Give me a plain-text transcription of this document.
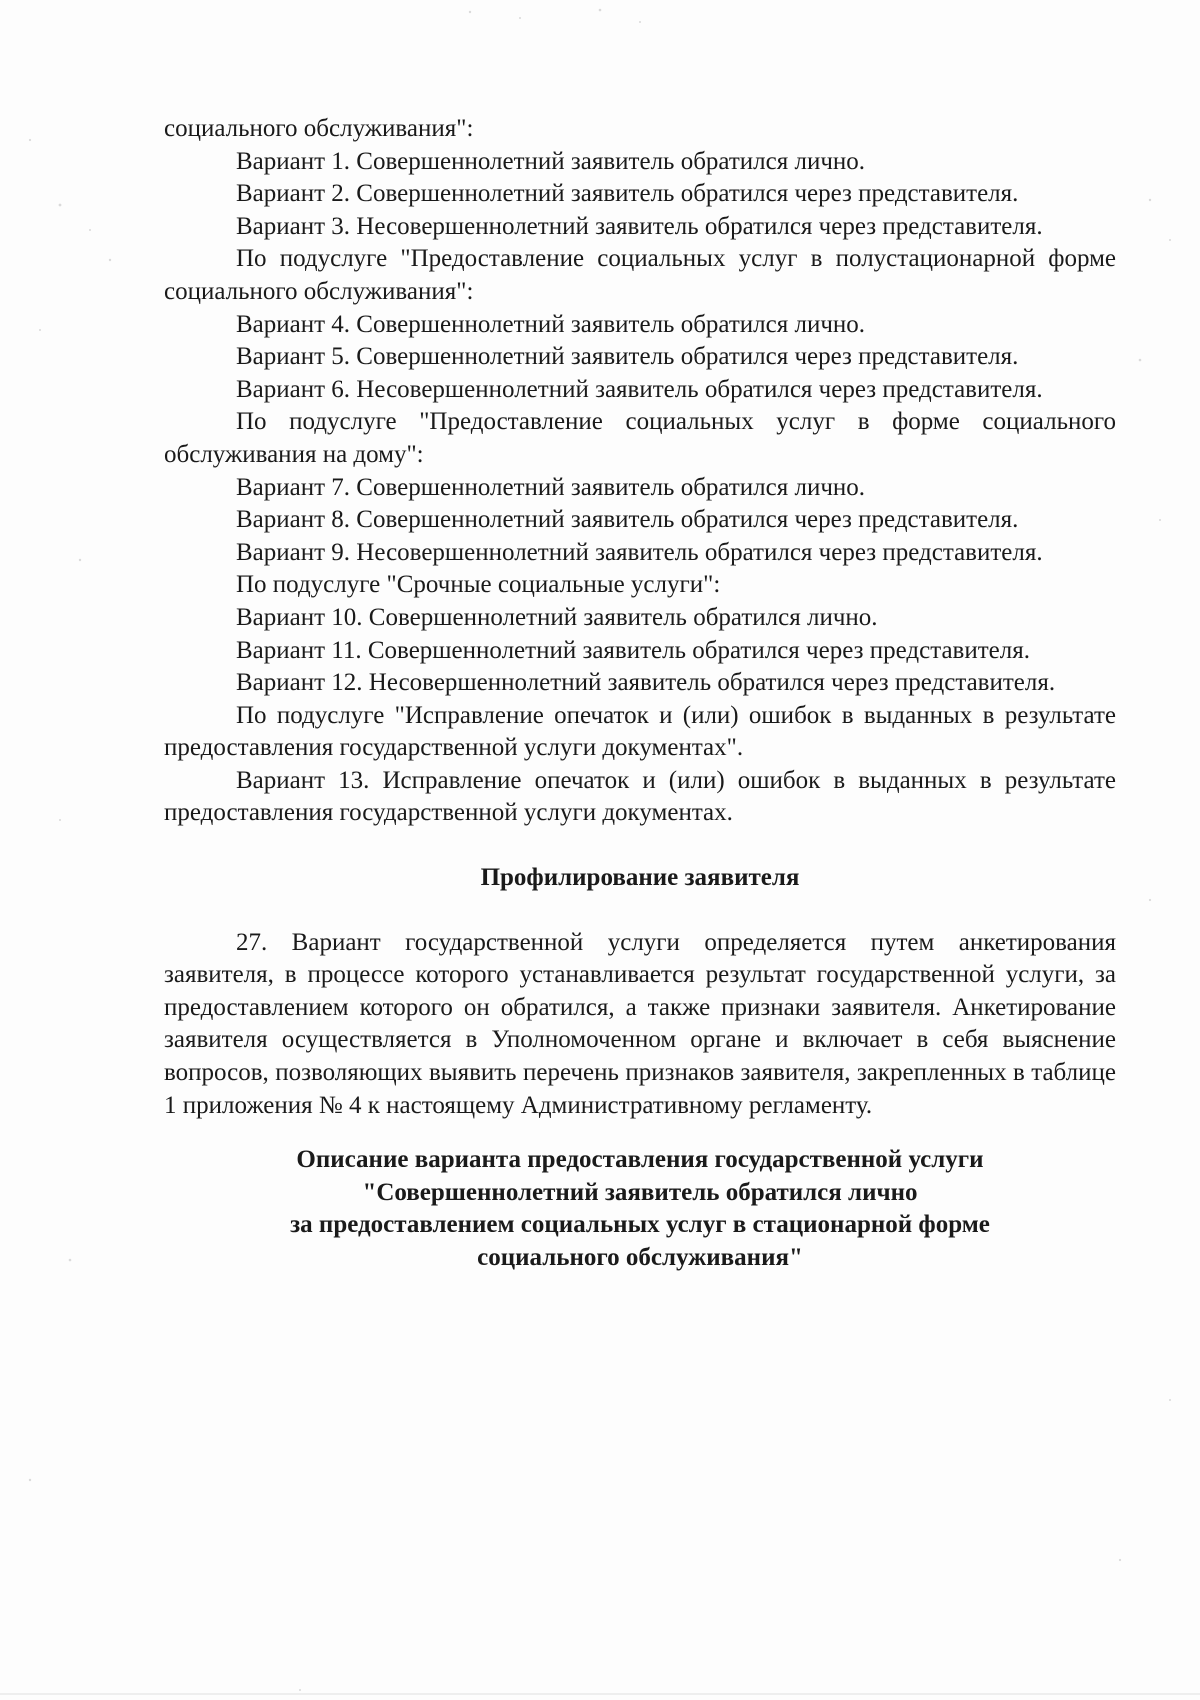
социального обслуживания":

Вариант 1. Совершеннолетний заявитель обратился лично.

Вариант 2. Совершеннолетний заявитель обратился через представителя.

Вариант 3. Несовершеннолетний заявитель обратился через представителя.

По подуслуге "Предоставление социальных услуг в полустационарной форме социального обслуживания":

Вариант 4. Совершеннолетний заявитель обратился лично.

Вариант 5. Совершеннолетний заявитель обратился через представителя.

Вариант 6. Несовершеннолетний заявитель обратился через представителя.

По подуслуге "Предоставление социальных услуг в форме социального обслуживания на дому":

Вариант 7. Совершеннолетний заявитель обратился лично.

Вариант 8. Совершеннолетний заявитель обратился через представителя.

Вариант 9. Несовершеннолетний заявитель обратился через представителя.

По подуслуге "Срочные социальные услуги":

Вариант 10. Совершеннолетний заявитель обратился лично.

Вариант 11. Совершеннолетний заявитель обратился через представителя.

Вариант 12. Несовершеннолетний заявитель обратился через представителя.

По подуслуге "Исправление опечаток и (или) ошибок в выданных в результате предоставления государственной услуги документах".

Вариант 13. Исправление опечаток и (или) ошибок в выданных в результате предоставления государственной услуги документах.

Профилирование заявителя

27. Вариант государственной услуги определяется путем анкетирования заявителя, в процессе которого устанавливается результат государственной услуги, за предоставлением которого он обратился, а также признаки заявителя. Анкетирование заявителя осуществляется в Уполномоченном органе и включает в себя выяснение вопросов, позволяющих выявить перечень признаков заявителя, закрепленных в таблице 1 приложения № 4 к настоящему Административному регламенту.

Описание варианта предоставления государственной услуги

"Совершеннолетний заявитель обратился лично

за предоставлением социальных услуг в стационарной форме

социального обслуживания"
